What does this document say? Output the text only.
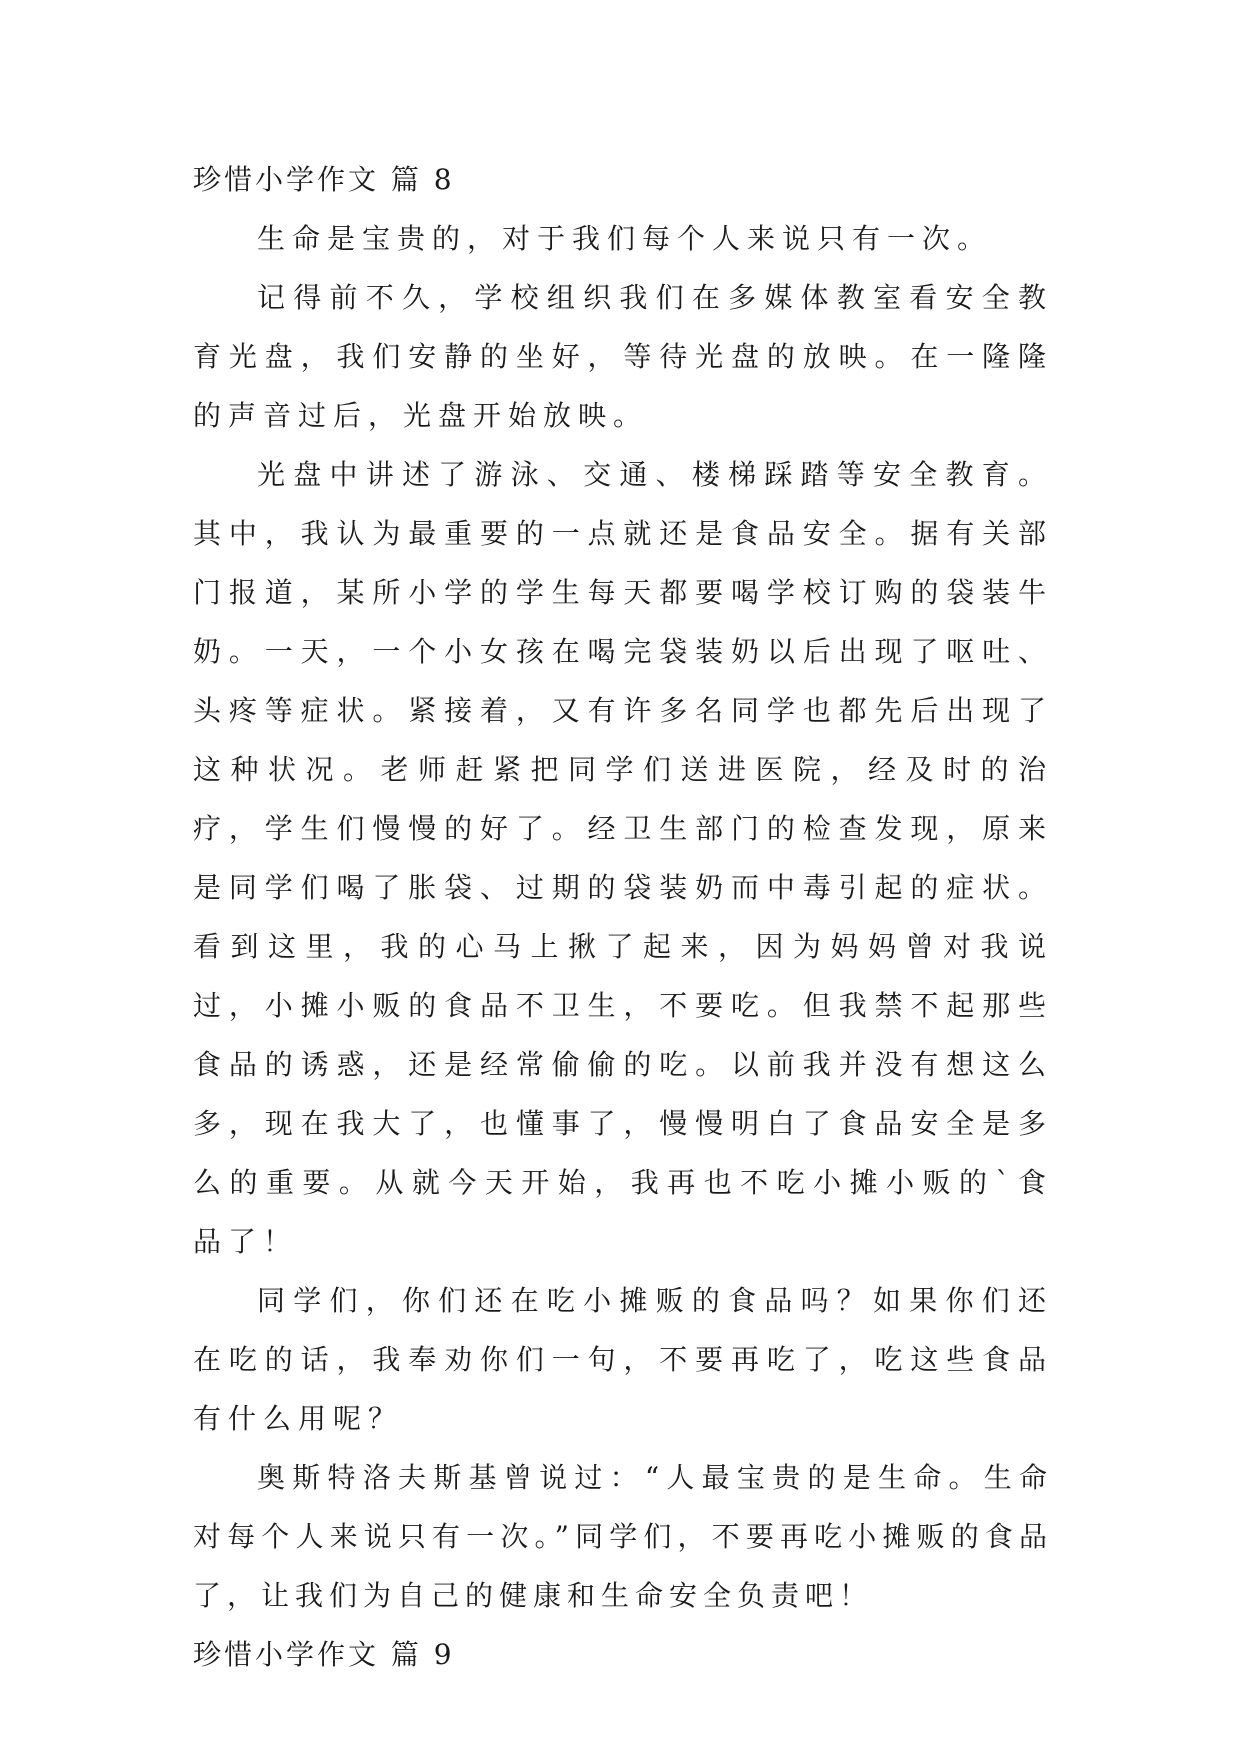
珍惜小学作文 篇 8

生命是宝贵的，对于我们每个人来说只有一次。

记得前不久，学校组织我们在多媒体教室看安全教育光盘，我们安静的坐好，等待光盘的放映。在一隆隆的声音过后，光盘开始放映。

光盘中讲述了游泳、交通、楼梯踩踏等安全教育。其中，我认为最重要的一点就还是食品安全。据有关部门报道，某所小学的学生每天都要喝学校订购的袋装牛奶。一天，一个小女孩在喝完袋装奶以后出现了呕吐、头疼等症状。紧接着，又有许多名同学也都先后出现了这种状况。老师赶紧把同学们送进医院，经及时的治疗，学生们慢慢的好了。经卫生部门的检查发现，原来是同学们喝了胀袋、过期的袋装奶而中毒引起的症状。看到这里，我的心马上揪了起来，因为妈妈曾对我说过，小摊小贩的食品不卫生，不要吃。但我禁不起那些食品的诱惑，还是经常偷偷的吃。以前我并没有想这么多，现在我大了，也懂事了，慢慢明白了食品安全是多么的重要。从就今天开始，我再也不吃小摊小贩的`食品了！

同学们，你们还在吃小摊贩的食品吗？如果你们还在吃的话，我奉劝你们一句，不要再吃了，吃这些食品有什么用呢？

奥斯特洛夫斯基曾说过：“人最宝贵的是生命。生命对每个人来说只有一次。”同学们，不要再吃小摊贩的食品了，让我们为自己的健康和生命安全负责吧！

珍惜小学作文 篇 9
